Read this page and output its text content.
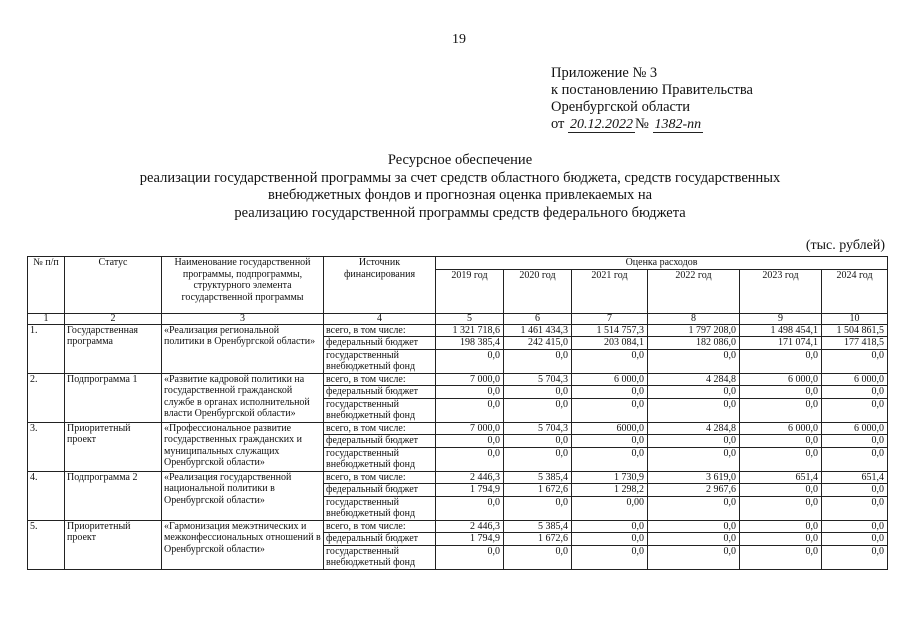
19
Приложение № 3
к постановлению Правительства
Оренбургской области
от 20.12.2022 № 1382-пп
Ресурсное обеспечение
реализации государственной программы за счет средств областного бюджета, средств государственных
внебюджетных фондов и прогнозная оценка привлекаемых на
реализацию государственной программы средств федерального бюджета
(тыс. рублей)
№ п/п	Статус	Наименование государственной программы, подпрограммы, структурного элемента государственной программы	Источник финансирования	Оценка расходов					
				2019 год	2020 год	2021 год	2022 год	2023 год	2024 год
1	2	3	4	5	6	7	8	9	10
1.	Государственная программа	«Реализация региональной политики в Оренбургской области»	всего, в том числе:	1 321 718,6	1 461 434,3	1 514 757,3	1 797 208,0	1 498 454,1	1 504 861,5
			федеральный бюджет	198 385,4	242 415,0	203 084,1	182 086,0	171 074,1	177 418,5
			государственный внебюджетный фонд	0,0	0,0	0,0	0,0	0,0	0,0
2.	Подпрограмма 1	«Развитие кадровой политики на государственной гражданской службе в органах исполнительной власти Оренбургской области»	всего, в том числе:	7 000,0	5 704,3	6 000,0	4 284,8	6 000,0	6 000,0
			федеральный бюджет	0,0	0,0	0,0	0,0	0,0	0,0
			государственный внебюджетный фонд	0,0	0,0	0,0	0,0	0,0	0,0
3.	Приоритетный проект	«Профессиональное развитие государственных гражданских и муниципальных служащих Оренбургской области»	всего, в том числе:	7 000,0	5 704,3	6000,0	4 284,8	6 000,0	6 000,0
			федеральный бюджет	0,0	0,0	0,0	0,0	0,0	0,0
			государственный внебюджетный фонд	0,0	0,0	0,0	0,0	0,0	0,0
4.	Подпрограмма 2	«Реализация государственной национальной политики в Оренбургской области»	всего, в том числе:	2 446,3	5 385,4	1 730,9	3 619,0	651,4	651,4
			федеральный бюджет	1 794,9	1 672,6	1 298,2	2 967,6	0,0	0,0
			государственный внебюджетный фонд	0,0	0,0	0,00	0,0	0,0	0,0
5.	Приоритетный проект	«Гармонизация межэтнических и межконфессиональных отношений в Оренбургской области»	всего, в том числе:	2 446,3	5 385,4	0,0	0,0	0,0	0,0
			федеральный бюджет	1 794,9	1 672,6	0,0	0,0	0,0	0,0
			государственный внебюджетный фонд	0,0	0,0	0,0	0,0	0,0	0,0
